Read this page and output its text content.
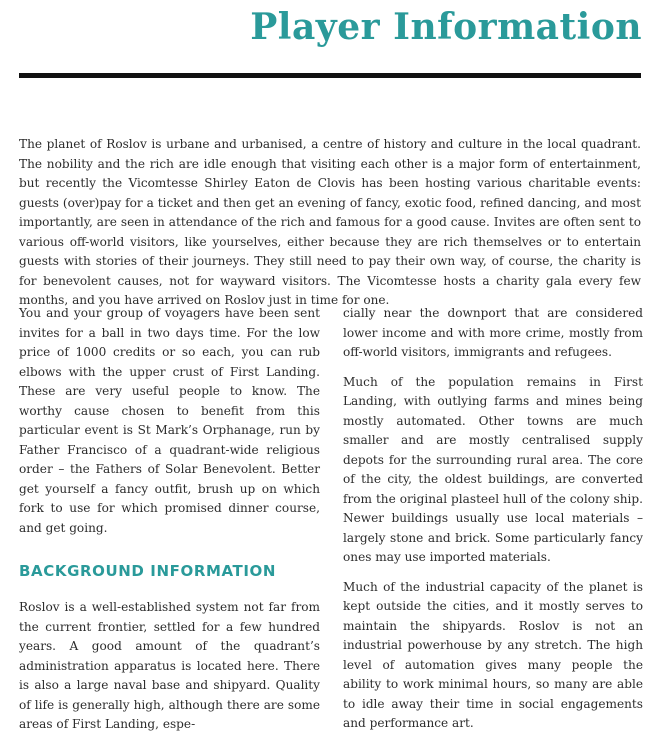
Player Information

The planet of Roslov is urbane and urbanised, a centre of history and culture in the local quadrant. The nobility and the rich are idle enough that visiting each other is a major form of entertainment, but recently the Vicomtesse Shirley Eaton de Clovis has been hosting various charitable events: guests (over)pay for a ticket and then get an evening of fancy, exotic food, refined dancing, and most importantly, are seen in attendance of the rich and famous for a good cause. Invites are often sent to various off-world visitors, like yourselves, either because they are rich themselves or to entertain guests with stories of their journeys. They still need to pay their own way, of course, the charity is for benevolent causes, not for wayward visitors. The Vicomtesse hosts a charity gala every few months, and you have arrived on Roslov just in time for one.

You and your group of voyagers have been sent invites for a ball in two days time. For the low price of 1000 credits or so each, you can rub elbows with the upper crust of First Landing. These are very useful people to know. The worthy cause chosen to benefit from this particular event is St Mark’s Orphanage, run by Father Francisco of a quadrant-wide religious order – the Fathers of Solar Benevolent. Better get yourself a fancy outfit, brush up on which fork to use for which promised dinner course, and get going.

BACKGROUND INFORMATION

Roslov is a well-established system not far from the current frontier, settled for a few hundred years. A good amount of the quadrant’s administration apparatus is located here. There is also a large naval base and shipyard. Quality of life is generally high, although there are some areas of First Landing, espe-

cially near the downport that are considered lower income and with more crime, mostly from off-world visitors, immigrants and refugees.

Much of the population remains in First Landing, with outlying farms and mines being mostly automated. Other towns are much smaller and are mostly centralised supply depots for the surrounding rural area. The core of the city, the oldest buildings, are converted from the original plasteel hull of the colony ship. Newer buildings usually use local materials – largely stone and brick. Some particularly fancy ones may use imported materials.

Much of the industrial capacity of the planet is kept outside the cities, and it mostly serves to maintain the shipyards. Roslov is not an industrial powerhouse by any stretch. The high level of automation gives many people the ability to work minimal hours, so many are able to idle away their time in social engagements and performance art.
